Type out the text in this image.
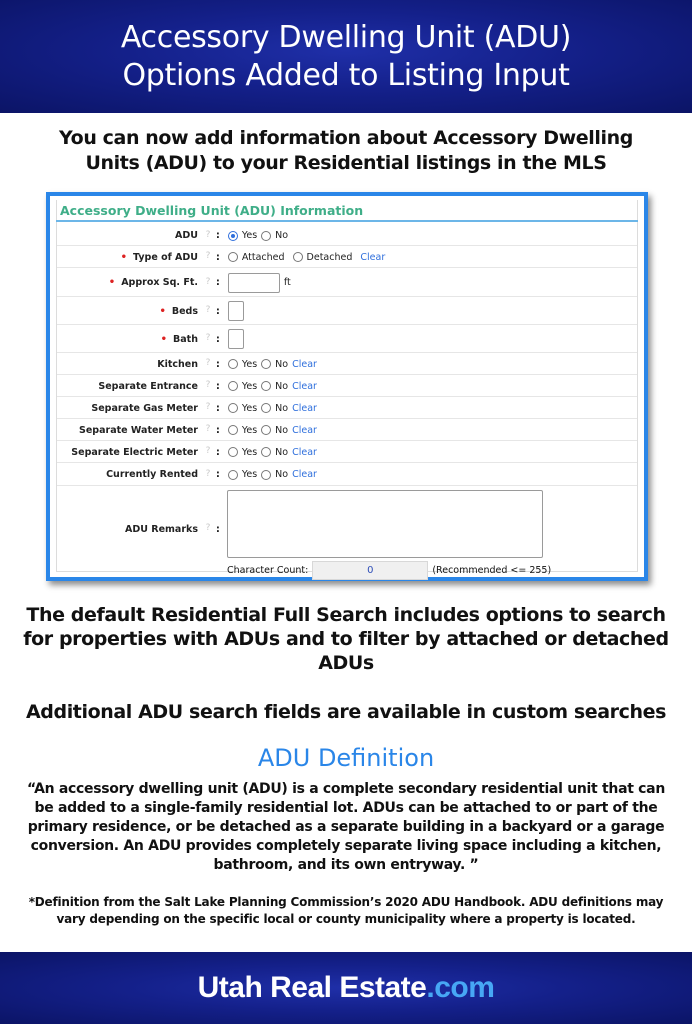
Accessory Dwelling Unit (ADU)
Options Added to Listing Input
You can now add information about Accessory Dwelling Units (ADU) to your Residential listings in the MLS
Accessory Dwelling Unit (ADU) Information
ADU ? : Yes No
• Type of ADU ? : Attached Detached Clear
• Approx Sq. Ft. ? :	ft
• Beds ? :
• Bath ? :
Kitchen ? : Yes No Clear
Separate Entrance ? : Yes No Clear
Separate Gas Meter ? : Yes No Clear
Separate Water Meter ? : Yes No Clear
Separate Electric Meter ? : Yes No Clear
Currently Rented ? : Yes No Clear
ADU Remarks ? :
Character Count:	0	(Recommended <= 255)
The default Residential Full Search includes options to search for properties with ADUs and to filter by attached or detached ADUs
Additional ADU search fields are available in custom searches
ADU Definition
“An accessory dwelling unit (ADU) is a complete secondary residential unit that can be added to a single-family residential lot. ADUs can be attached to or part of the primary residence, or be detached as a separate building in a backyard or a garage conversion. An ADU provides completely separate living space including a kitchen, bathroom, and its own entryway. ”
*Definition from the Salt Lake Planning Commission’s 2020 ADU Handbook. ADU definitions may vary depending on the specific local or county municipality where a property is located.
Utah Real Estate.com
